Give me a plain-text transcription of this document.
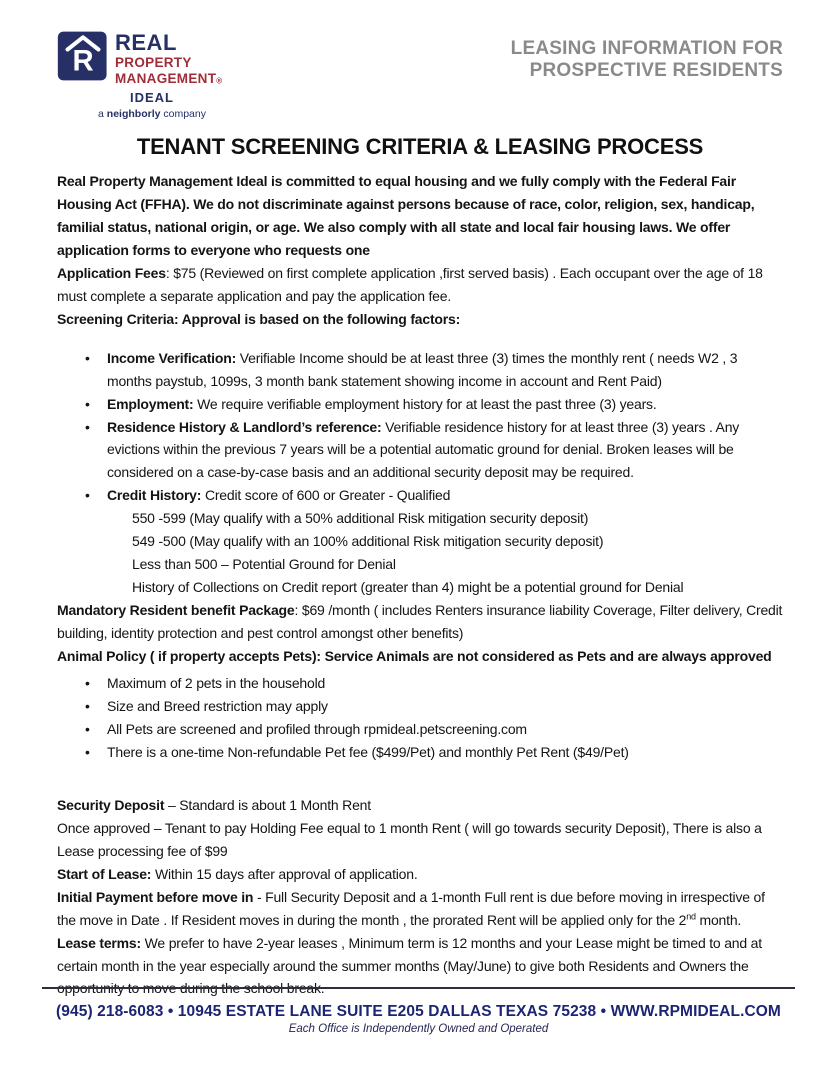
R
REAL
PROPERTY
MANAGEMENT®
IDEAL
a neighborly company
LEASING INFORMATION FOR
PROSPECTIVE RESIDENTS
TENANT SCREENING CRITERIA & LEASING PROCESS

Real Property Management Ideal is committed to equal housing and we fully comply with the Federal Fair Housing Act (FFHA). We do not discriminate against persons because of race, color, religion, sex, handicap, familial status, national origin, or age. We also comply with all state and local fair housing laws. We offer application forms to everyone who requests one

Application Fees: $75 (Reviewed on first complete application ,first served basis) . Each occupant over the age of 18 must complete a separate application and pay the application fee.

Screening Criteria: Approval is based on the following factors:

•	Income Verification: Verifiable Income should be at least three (3) times the monthly rent ( needs W2 , 3 months paystub, 1099s, 3 month bank statement showing income in account and Rent Paid)
•	Employment: We require verifiable employment history for at least the past three (3) years.
•	Residence History & Landlord’s reference: Verifiable residence history for at least three (3) years . Any evictions within the previous 7 years will be a potential automatic ground for denial. Broken leases will be considered on a case-by-case basis and an additional security deposit may be required.
•	Credit History: Credit score of 600 or Greater - Qualified
550 -599 (May qualify with a 50% additional Risk mitigation security deposit)
549 -500 (May qualify with an 100% additional Risk mitigation security deposit)
Less than 500 – Potential Ground for Denial
History of Collections on Credit report (greater than 4) might be a potential ground for Denial

Mandatory Resident benefit Package: $69 /month ( includes Renters insurance liability Coverage, Filter delivery, Credit building, identity protection and pest control amongst other benefits)

Animal Policy ( if property accepts Pets): Service Animals are not considered as Pets and are always approved

•	Maximum of 2 pets in the household
•	Size and Breed restriction may apply
•	All Pets are screened and profiled through rpmideal.petscreening.com
•	There is a one-time Non-refundable Pet fee ($499/Pet) and monthly Pet Rent ($49/Pet)
Security Deposit – Standard is about 1 Month Rent
Once approved – Tenant to pay Holding Fee equal to 1 month Rent ( will go towards security Deposit), There is also a Lease processing fee of $99

Start of Lease: Within 15 days after approval of application.

Initial Payment before move in - Full Security Deposit and a 1-month Full rent is due before moving in irrespective of the move in Date . If Resident moves in during the month , the prorated Rent will be applied only for the 2nd month.

Lease terms: We prefer to have 2-year leases , Minimum term is 12 months and your Lease might be timed to and at certain month in the year especially around the summer months (May/June) to give both Residents and Owners the opportunity to move during the school break.

(945) 218-6083 • 10945 ESTATE LANE SUITE E205 DALLAS TEXAS 75238 • WWW.RPMIDEAL.COM
Each Office is Independently Owned and Operated
